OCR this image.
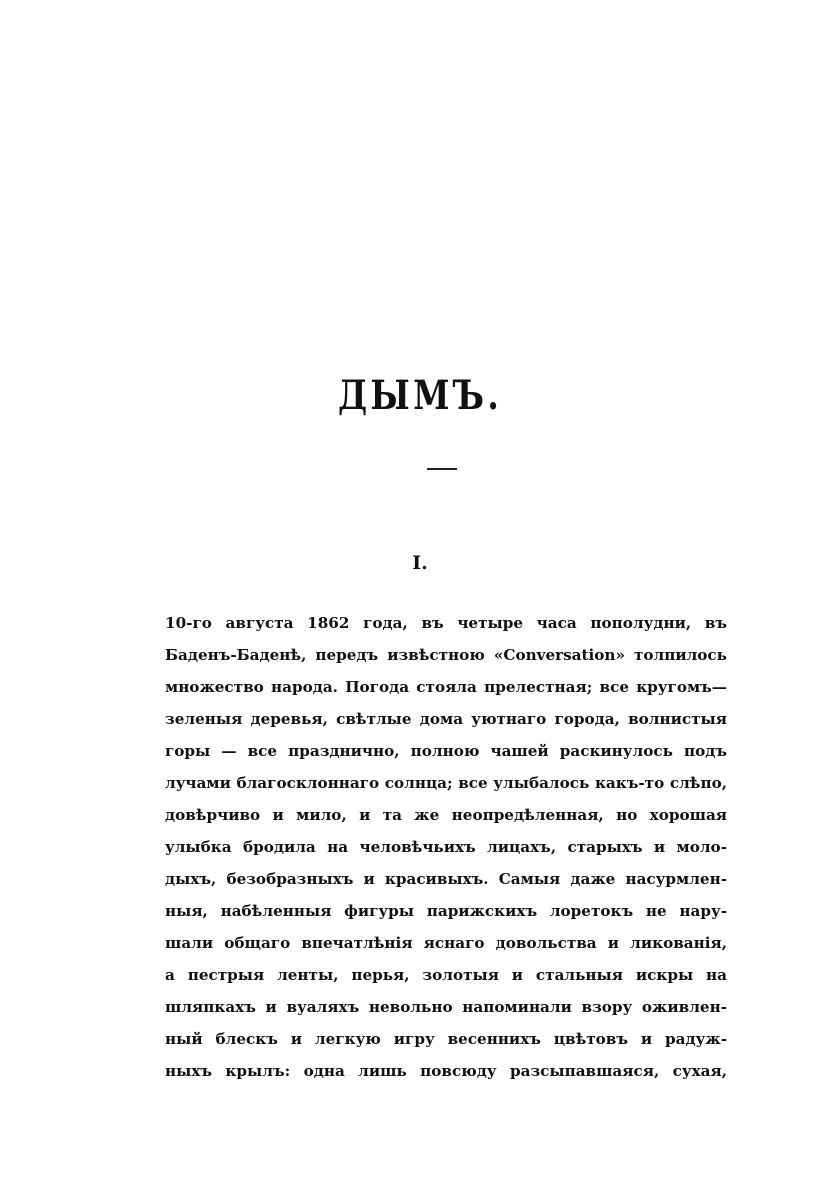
ДЫМЪ.
I.
10-го августа 1862 года, въ четыре часа пополудни, въ
Баденъ-Баденѣ, передъ извѣстною «Conversation» толпилось
множество народа. Погода стояла прелестная; все кругомъ—
зеленыя деревья, свѣтлые дома уютнаго города, волнистыя
горы — все празднично, полною чашей раскинулось подъ
лучами благосклоннаго солнца; все улыбалось какъ-то слѣпо,
довѣрчиво и мило, и та же неопредѣленная, но хорошая
улыбка бродила на человѣчьихъ лицахъ, старыхъ и моло-
дыхъ, безобразныхъ и красивыхъ. Самыя даже насурмлен-
ныя, набѣленныя фигуры парижскихъ лоретокъ не нару-
шали общаго впечатлѣнія яснаго довольства и ликованія,
а пестрыя ленты, перья, золотыя и стальныя искры на
шляпкахъ и вуаляхъ невольно напоминали взору оживлен-
ный блескъ и легкую игру весеннихъ цвѣтовъ и радуж-
ныхъ крылъ: одна лишь повсюду разсыпавшаяся, сухая,
